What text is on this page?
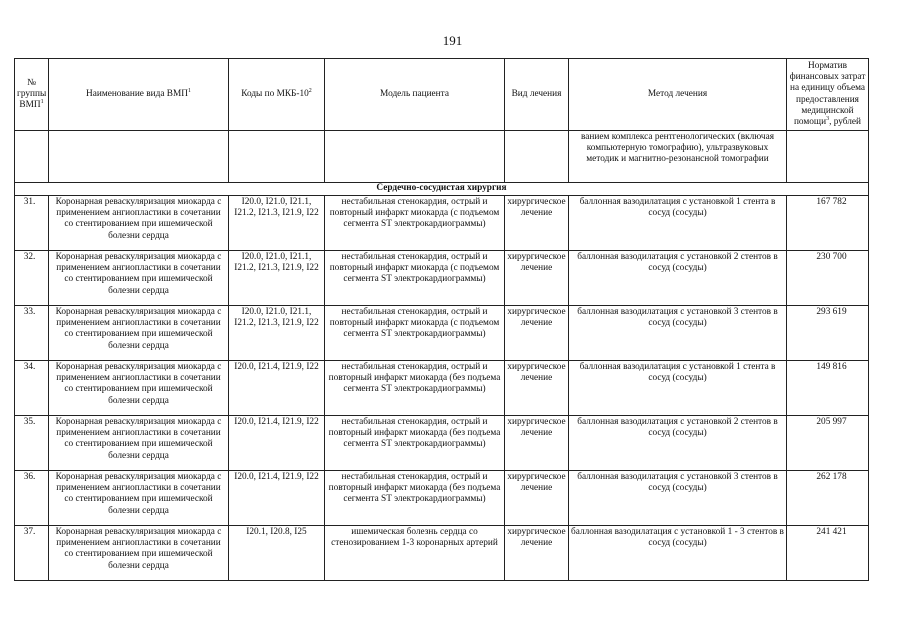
191
№ группы ВМП$^1$	Наименование вида ВМП$^1$	Коды по МКБ-$10^2$	Модель пациента	Вид лечения	Метод лечения	Норматив финансовых затрат на единицу объема предоставления медицинской помощи$^3$, рублей
					ванием комплекса рентгенологических (включая компьютерную томографию), ультразвуковых методик и магнитно-резонансной томографии	
Сердечно-сосудистая хирургия						
31.	Коронарная реваскуляризация миокарда с применением ангиопластики в сочетании со стентированием при ишемической болезни сердца	I20.0, I21.0, I21.1, I21.2, I21.3, I21.9, I22	нестабильная стенокардия, острый и повторный инфаркт миокарда (с подъемом сегмента ST электрокардиограммы)	хирургическое лечение	баллонная вазодилатация с установкой 1 стента в сосуд (сосуды)	167 782
32.	Коронарная реваскуляризация миокарда с применением ангиопластики в сочетании со стентированием при ишемической болезни сердца	I20.0, I21.0, I21.1, I21.2, I21.3, I21.9, I22	нестабильная стенокардия, острый и повторный инфаркт миокарда (с подъемом сегмента ST электрокардиограммы)	хирургическое лечение	баллонная вазодилатация с установкой 2 стентов в сосуд (сосуды)	230 700
33.	Коронарная реваскуляризация миокарда с применением ангиопластики в сочетании со стентированием при ишемической болезни сердца	I20.0, I21.0, I21.1, I21.2, I21.3, I21.9, I22	нестабильная стенокардия, острый и повторный инфаркт миокарда (с подъемом сегмента ST электрокардиограммы)	хирургическое лечение	баллонная вазодилатация с установкой 3 стентов в сосуд (сосуды)	293 619
34.	Коронарная реваскуляризация миокарда с применением ангиопластики в сочетании со стентированием при ишемической болезни сердца	I20.0, I21.4, I21.9, I22	нестабильная стенокардия, острый и повторный инфаркт миокарда (без подъема сегмента ST электрокардиограммы)	хирургическое лечение	баллонная вазодилатация с установкой 1 стента в сосуд (сосуды)	149 816
35.	Коронарная реваскуляризация миокарда с применением ангиопластики в сочетании со стентированием при ишемической болезни сердца	I20.0, I21.4, I21.9, I22	нестабильная стенокардия, острый и повторный инфаркт миокарда (без подъема сегмента ST электрокардиограммы)	хирургическое лечение	баллонная вазодилатация с установкой 2 стентов в сосуд (сосуды)	205 997
36.	Коронарная реваскуляризация миокарда с применением ангиопластики в сочетании со стентированием при ишемической болезни сердца	I20.0, I21.4, I21.9, I22	нестабильная стенокардия, острый и повторный инфаркт миокарда (без подъема сегмента ST электрокардиограммы)	хирургическое лечение	баллонная вазодилатация с установкой 3 стентов в сосуд (сосуды)	262 178
37.	Коронарная реваскуляризация миокарда с применением ангиопластики в сочетании со стентированием при ишемической болезни сердца	I20.1, I20.8, I25	ишемическая болезнь сердца со стенозированием 1-3 коронарных артерий	хирургическое лечение	баллонная вазодилатация с установкой 1 - 3 стентов в сосуд (сосуды)	241 421
